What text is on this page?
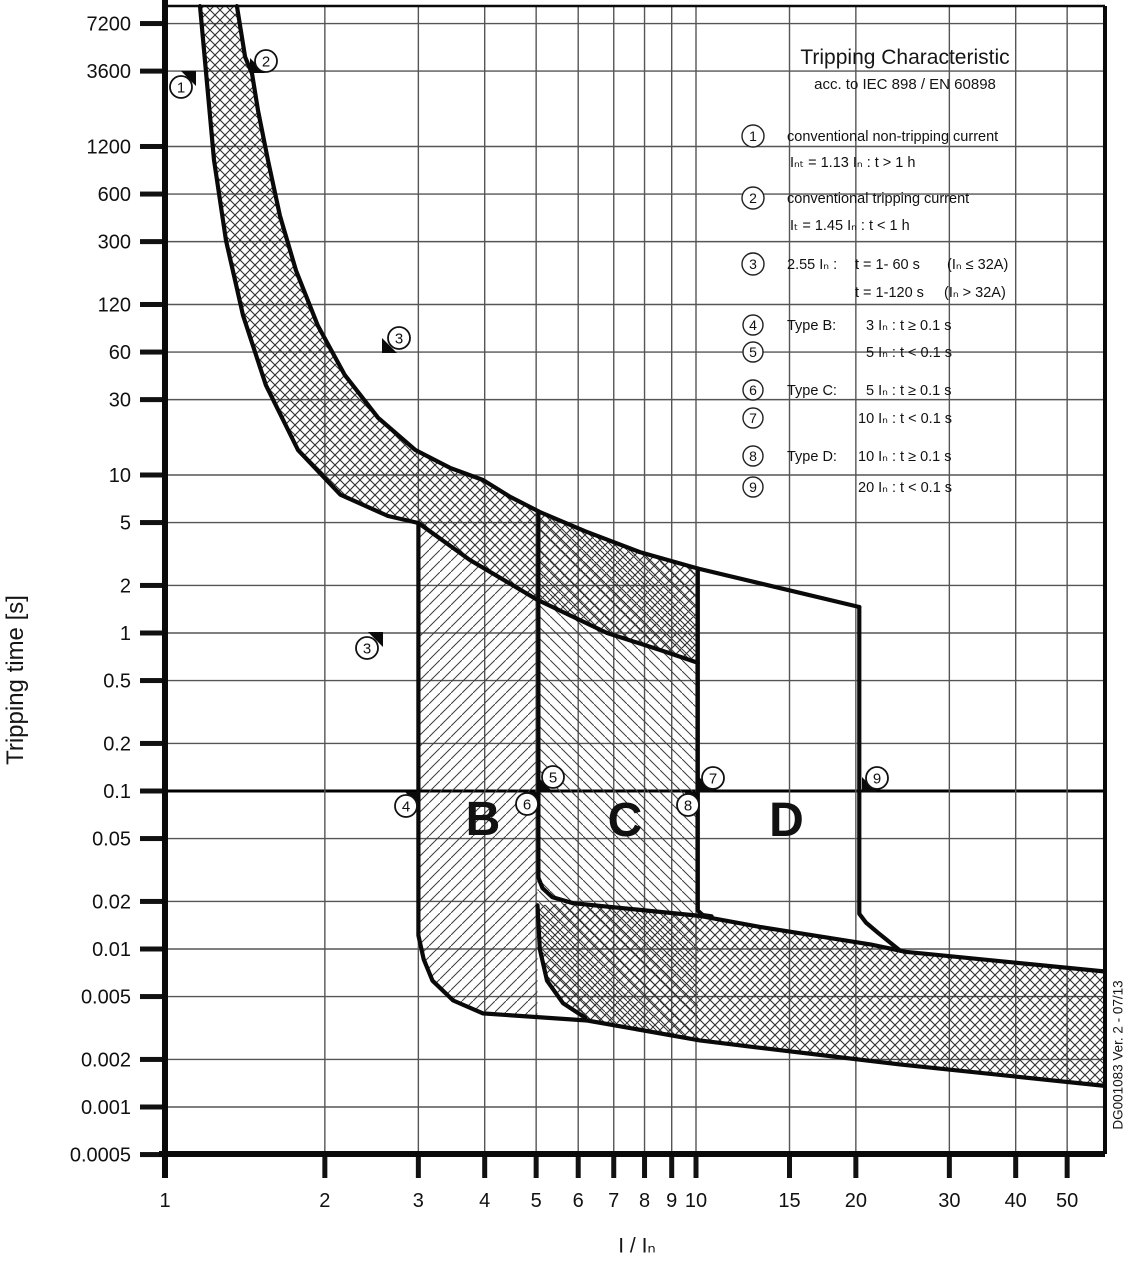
7200
3600
1200
600
300
120
60
30
10
5
2
1
0.5
0.2
0.1
0.05
0.02
0.01
0.005
0.002
0.001
0.0005
1	2	3	4 5 6 7 8 9 10	15 20	30 40 50
B C	D
1
2
3
3
4
5
6
7
8
9
1 conventional non-tripping current
Iₙₜ = 1.13 Iₙ : t > 1 h
2 conventional tripping current
Iₜ = 1.45 Iₙ : t < 1 h
3 2.55 Iₙ : t = 1- 60 s (Iₙ ≤ 32A)
t = 1-120 s (Iₙ > 32A)
4 Type B: 3 Iₙ : t ≥ 0.1 s
5	5 Iₙ : t < 0.1 s
6 Type C: 5 Iₙ : t ≥ 0.1 s
7	10 Iₙ : t < 0.1 s
8 Type D: 10 Iₙ : t ≥ 0.1 s
9	20 Iₙ : t < 0.1 s
Tripping Characteristic
acc. to IEC 898 / EN 60898
Tripping time [s]
I / Iₙ
DG001083 Ver. 2 - 07/13
